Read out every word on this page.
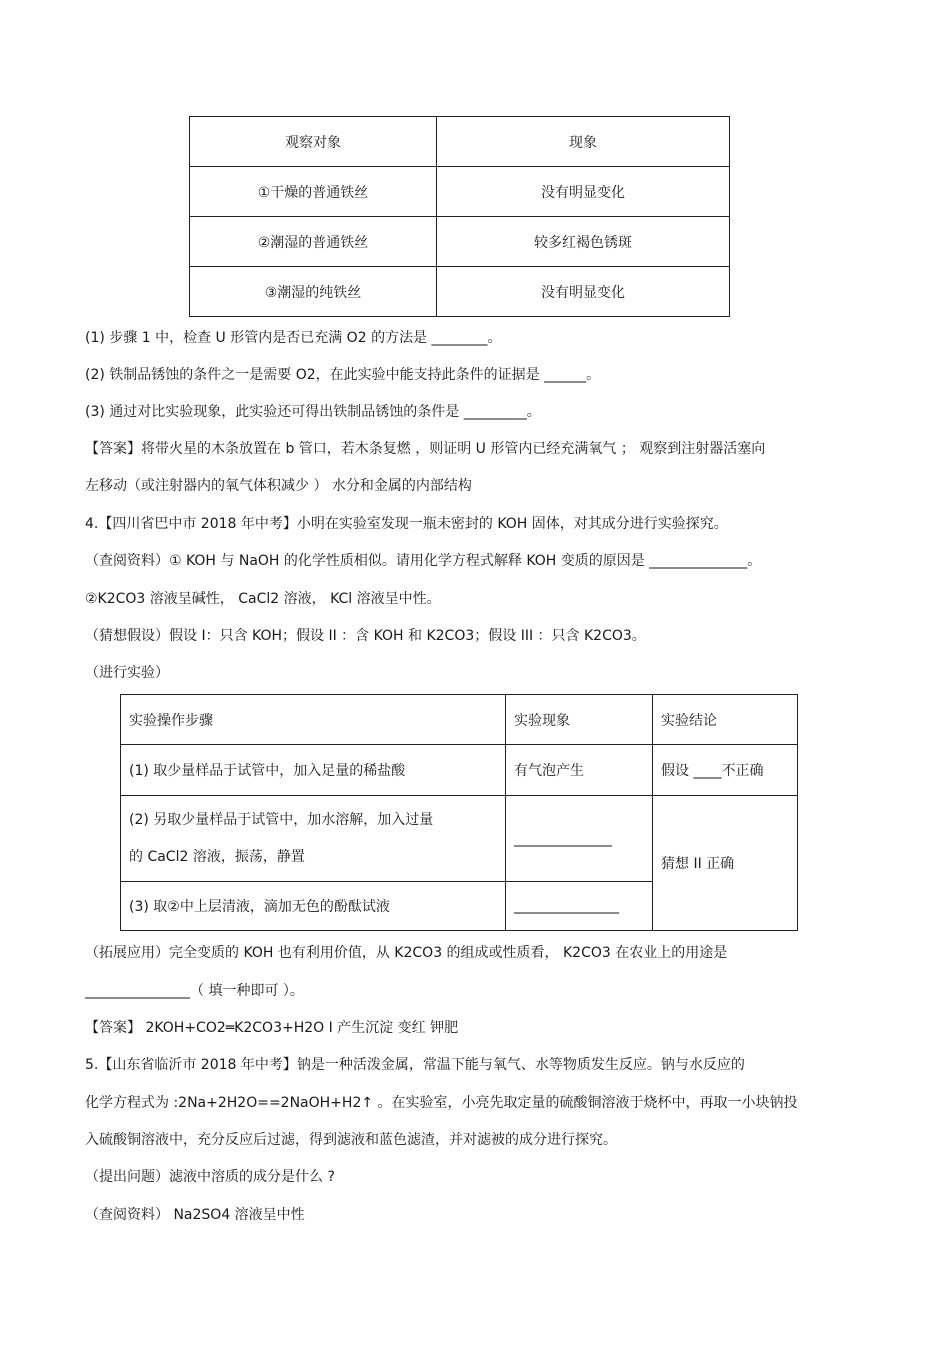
观察对象	现象
①干燥的普通铁丝	没有明显变化
②潮湿的普通铁丝	较多红褐色锈斑
③潮湿的纯铁丝	没有明显变化
(1) 步骤 1 中，检查 U 形管内是否已充满 O2 的方法是 ________。
(2) 铁制品锈蚀的条件之一是需要 O2，在此实验中能支持此条件的证据是 ______。
(3) 通过对比实验现象，此实验还可得出铁制品锈蚀的条件是 _________。
【答案】将带火星的木条放置在 b 管口，若木条复燃 ，则证明 U 形管内已经充满氧气 ； 观察到注射器活塞向
左移动（或注射器内的氧气体积减少 ） 水分和金属的内部结构
4.【四川省巴中市 2018 年中考】小明在实验室发现一瓶未密封的 KOH 固体，对其成分进行实验探究。
（查阅资料）① KOH 与 NaOH 的化学性质相似。请用化学方程式解释 KOH 变质的原因是 ______________。
②K2CO3 溶液呈碱性， CaCl2 溶液， KCl 溶液呈中性。
（猜想假设）假设 I：只含 KOH；假设 II ：含 KOH 和 K2CO3；假设 III ：只含 K2CO3。
（进行实验）
实验操作步骤	实验现象	实验结论
(1) 取少量样品于试管中，加入足量的稀盐酸	有气泡产生	假设 ____不正确

(2) 另取少量样品于试管中，加水溶解，加入过量
的 CaCl2 溶液，振荡，静置	______________	猜想 II 正确
(3) 取②中上层清液，滴加无色的酚酞试液	_______________	
（拓展应用）完全变质的 KOH 也有利用价值，从 K2CO3 的组成或性质看， K2CO3 在农业上的用途是
_______________（ 填一种即可 ）。
【答案】 2KOH+CO2═K2CO3+H2O I 产生沉淀 变红 钾肥
5.【山东省临沂市 2018 年中考】钠是一种活泼金属，常温下能与氧气、水等物质发生反应。钠与水反应的
化学方程式为 :2Na+2H2O==2NaOH+H2↑ 。在实验室，小亮先取定量的硫酸铜溶液于烧杯中，再取一小块钠投
入硫酸铜溶液中，充分反应后过滤，得到滤液和蓝色滤渣，并对滤被的成分进行探究。
（提出问题）滤液中溶质的成分是什么 ?
（查阅资料） Na2SO4 溶液呈中性
